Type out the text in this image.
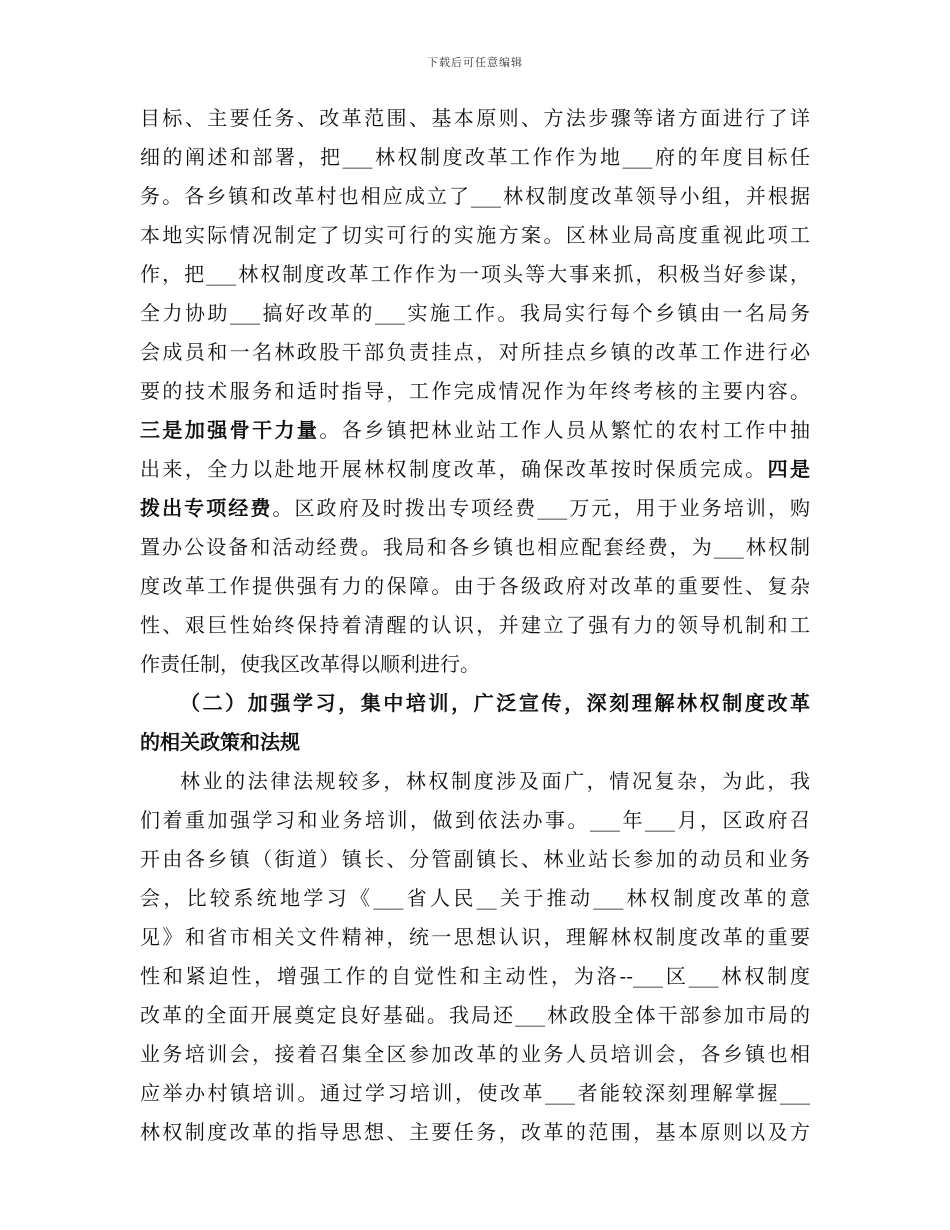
下载后可任意编辑
目标、主要任务、改革范围、基本原则、方法步骤等诸方面进行了详
细的阐述和部署，把___林权制度改革工作作为地___府的年度目标任
务。各乡镇和改革村也相应成立了___林权制度改革领导小组，并根据
本地实际情况制定了切实可行的实施方案。区林业局高度重视此项工
作，把___林权制度改革工作作为一项头等大事来抓，积极当好参谋，
全力协助___搞好改革的___实施工作。我局实行每个乡镇由一名局务
会成员和一名林政股干部负责挂点，对所挂点乡镇的改革工作进行必
要的技术服务和适时指导，工作完成情况作为年终考核的主要内容。
三是加强骨干力量。各乡镇把林业站工作人员从繁忙的农村工作中抽
出来，全力以赴地开展林权制度改革，确保改革按时保质完成。四是
拨出专项经费。区政府及时拨出专项经费___万元，用于业务培训，购
置办公设备和活动经费。我局和各乡镇也相应配套经费，为___林权制
度改革工作提供强有力的保障。由于各级政府对改革的重要性、复杂
性、艰巨性始终保持着清醒的认识，并建立了强有力的领导机制和工
作责任制，使我区改革得以顺利进行。
（二）加强学习，集中培训，广泛宣传，深刻理解林权制度改革
的相关政策和法规
林业的法律法规较多，林权制度涉及面广，情况复杂，为此，我
们着重加强学习和业务培训，做到依法办事。___年___月，区政府召
开由各乡镇（街道）镇长、分管副镇长、林业站长参加的动员和业务
会，比较系统地学习《___省人民__关于推动___林权制度改革的意
见》和省市相关文件精神，统一思想认识，理解林权制度改革的重要
性和紧迫性，增强工作的自觉性和主动性，为洛--___区___林权制度
改革的全面开展奠定良好基础。我局还___林政股全体干部参加市局的
业务培训会，接着召集全区参加改革的业务人员培训会，各乡镇也相
应举办村镇培训。通过学习培训，使改革___者能较深刻理解掌握___
林权制度改革的指导思想、主要任务，改革的范围，基本原则以及方
